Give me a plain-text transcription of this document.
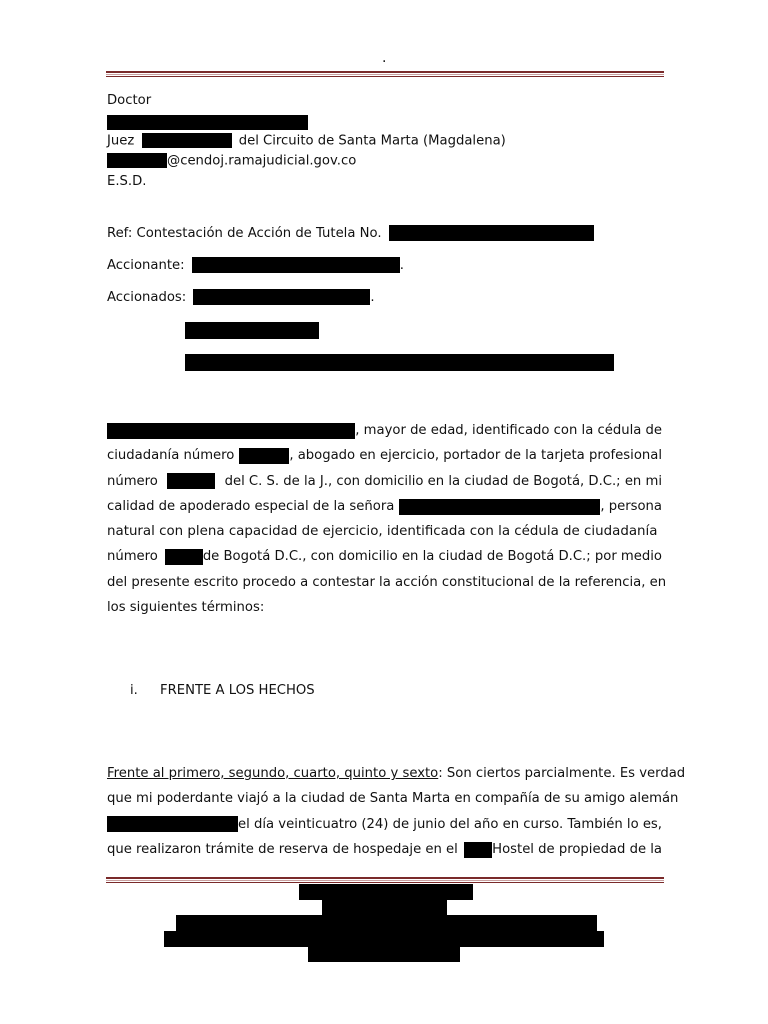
.
Doctor
Juez	del Circuito de Santa Marta (Magdalena)
@cendoj.ramajudicial.gov.co
E.S.D.
Ref: Contestación de Acción de Tutela No.
Accionante:	.
Accionados:	.
, mayor de edad, identificado con la cédula de
ciudadanía número	, abogado en ejercicio, portador de la tarjeta profesional
número	del C. S. de la J., con domicilio en la ciudad de Bogotá, D.C.; en mi
calidad de apoderado especial de la señora	, persona
natural con plena capacidad de ejercicio, identificada con la cédula de ciudadanía
número	de Bogotá D.C., con domicilio en la ciudad de Bogotá D.C.; por medio
del presente escrito procedo a contestar la acción constitucional de la referencia, en
los siguientes términos:
i. FRENTE A LOS HECHOS
Frente al primero, segundo, cuarto, quinto y sexto : Son ciertos parcialmente. Es verdad
que mi poderdante viajó a la ciudad de Santa Marta en compañía de su amigo alemán
el día veinticuatro (24) de junio del año en curso. También lo es,
que realizaron trámite de reserva de hospedaje en el	Hostel de propiedad de la
